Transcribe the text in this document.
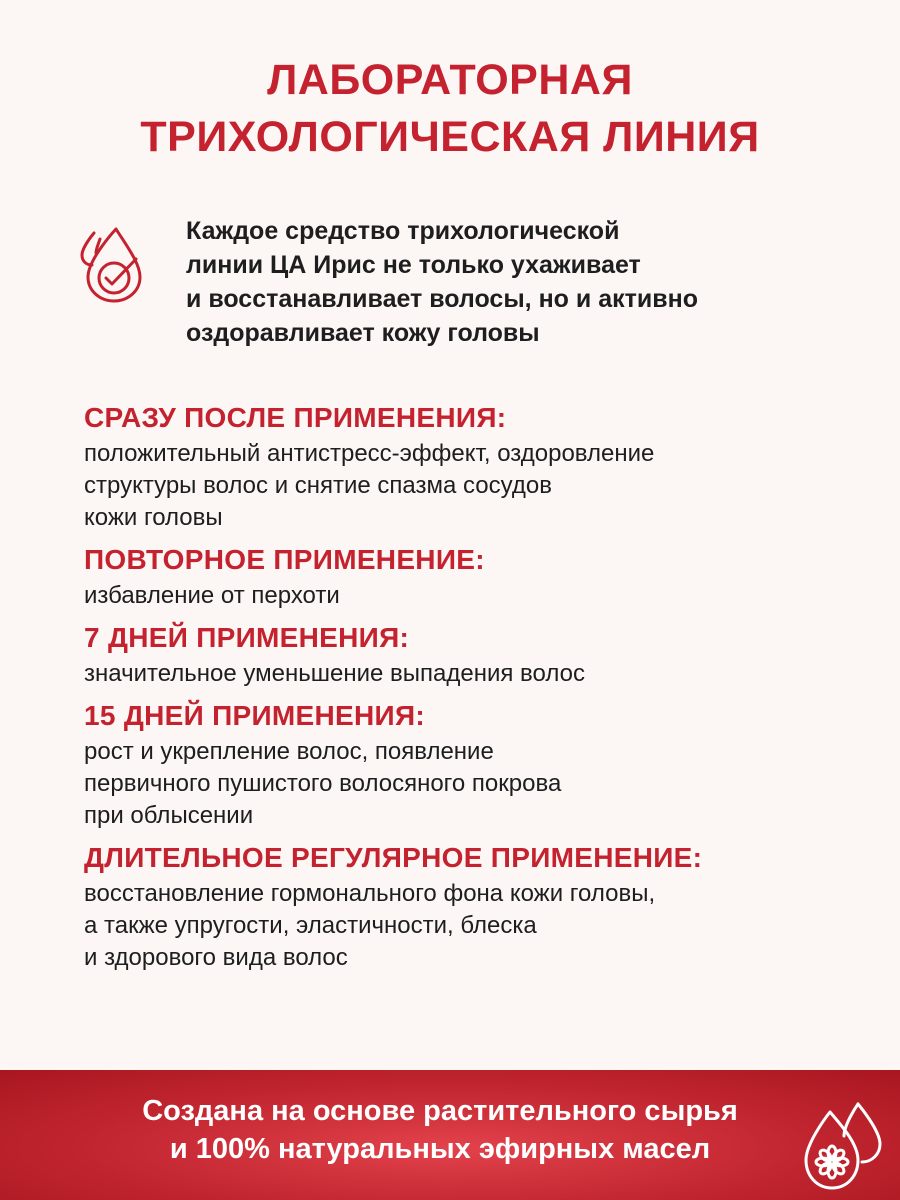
ЛАБОРАТОРНАЯ
ТРИХОЛОГИЧЕСКАЯ ЛИНИЯ
Каждое средство трихологической
линии ЦА Ирис не только ухаживает
и восстанавливает волосы, но и активно
оздоравливает кожу головы
СРАЗУ ПОСЛЕ ПРИМЕНЕНИЯ:
положительный антистресс-эффект, оздоровление
структуры волос и снятие спазма сосудов
кожи головы
ПОВТОРНОЕ ПРИМЕНЕНИЕ:
избавление от перхоти
7 ДНЕЙ ПРИМЕНЕНИЯ:
значительное уменьшение выпадения волос
15 ДНЕЙ ПРИМЕНЕНИЯ:
рост и укрепление волос, появление
первичного пушистого волосяного покрова
при облысении
ДЛИТЕЛЬНОЕ РЕГУЛЯРНОЕ ПРИМЕНЕНИЕ:
восстановление гормонального фона кожи головы,
а также упругости, эластичности, блеска
и здорового вида волос
Создана на основе растительного сырья
и 100% натуральных эфирных масел
